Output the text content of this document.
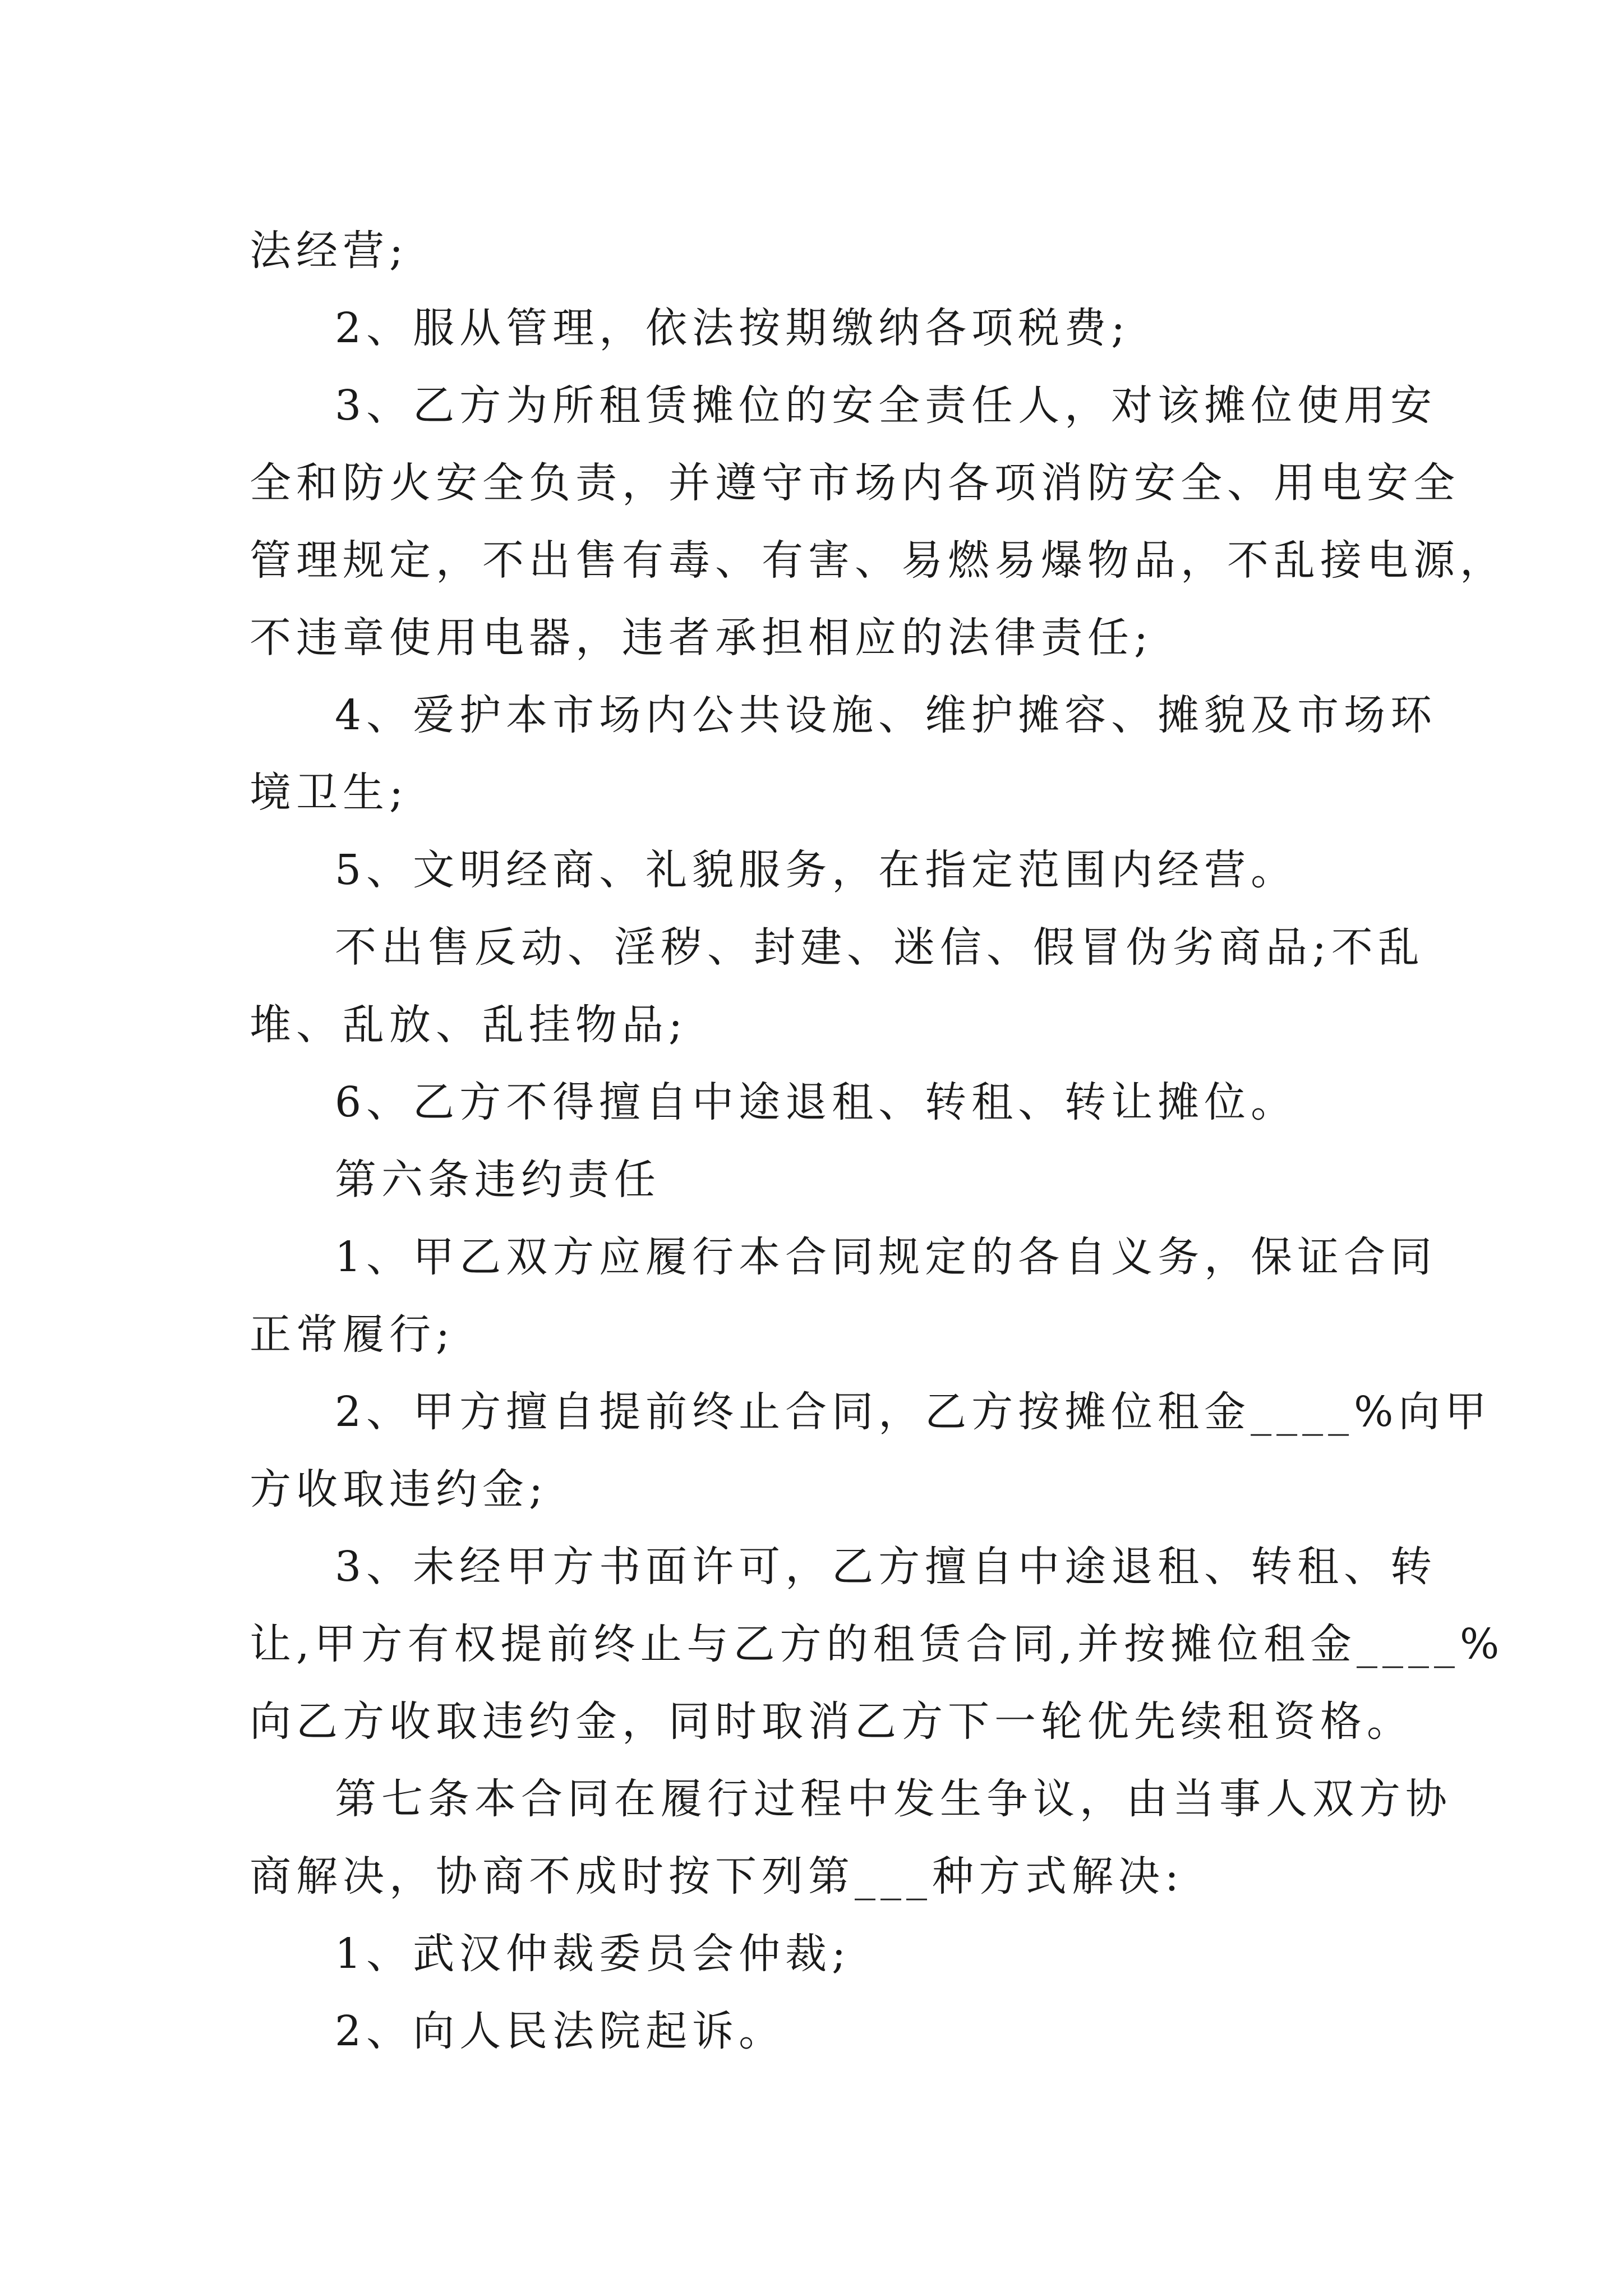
法经营;

2、服从管理，依法按期缴纳各项税费;

3、乙方为所租赁摊位的安全责任人，对该摊位使用安

全和防火安全负责，并遵守市场内各项消防安全、用电安全

管理规定，不出售有毒、有害、易燃易爆物品，不乱接电源，

不违章使用电器，违者承担相应的法律责任;

4、爱护本市场内公共设施、维护摊容、摊貌及市场环

境卫生;

5、文明经商、礼貌服务，在指定范围内经营。

不出售反动、淫秽、封建、迷信、假冒伪劣商品;不乱

堆、乱放、乱挂物品;

6、乙方不得擅自中途退租、转租、转让摊位。

第六条违约责任

1、甲乙双方应履行本合同规定的各自义务，保证合同

正常履行;

2、甲方擅自提前终止合同，乙方按摊位租金____%向甲

方收取违约金;

3、未经甲方书面许可，乙方擅自中途退租、转租、转

让,甲方有权提前终止与乙方的租赁合同,并按摊位租金____%

向乙方收取违约金，同时取消乙方下一轮优先续租资格。

第七条本合同在履行过程中发生争议，由当事人双方协

商解决，协商不成时按下列第___种方式解决:

1、武汉仲裁委员会仲裁;

2、向人民法院起诉。
